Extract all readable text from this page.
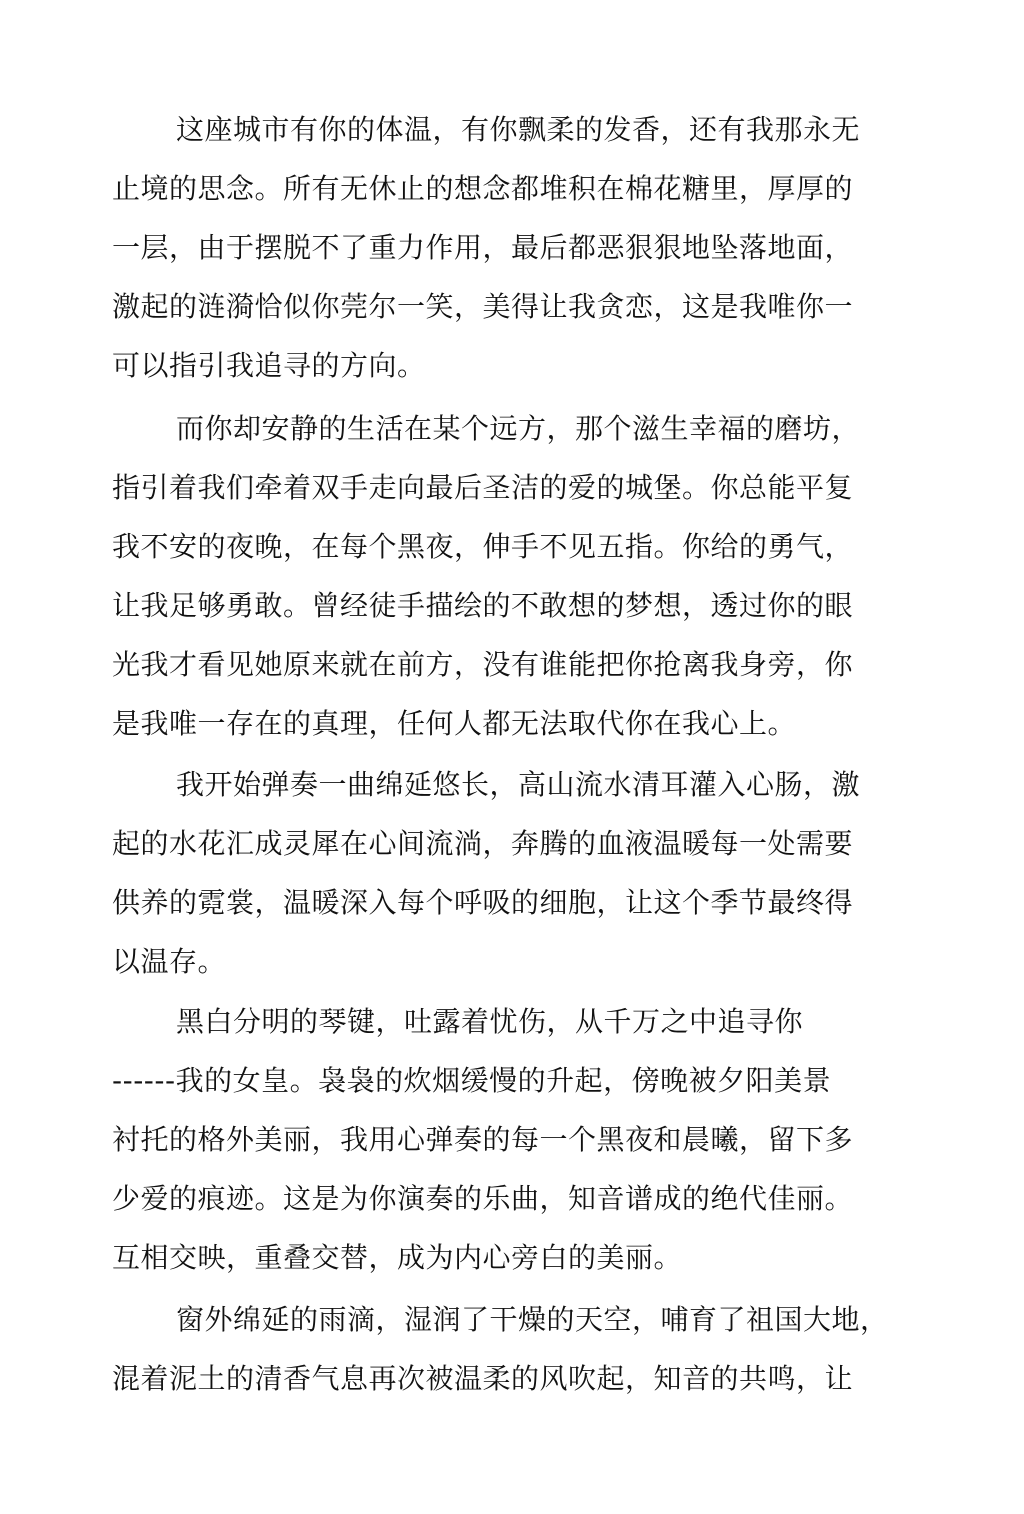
这座城市有你的体温，有你飘柔的发香，还有我那永无
止境的思念。所有无休止的想念都堆积在棉花糖里，厚厚的
一层，由于摆脱不了重力作用，最后都恶狠狠地坠落地面，
激起的涟漪恰似你莞尔一笑，美得让我贪恋，这是我唯你一
可以指引我追寻的方向。
而你却安静的生活在某个远方，那个滋生幸福的磨坊，
指引着我们牵着双手走向最后圣洁的爱的城堡。你总能平复
我不安的夜晚，在每个黑夜，伸手不见五指。你给的勇气，
让我足够勇敢。曾经徒手描绘的不敢想的梦想，透过你的眼
光我才看见她原来就在前方，没有谁能把你抢离我身旁，你
是我唯一存在的真理，任何人都无法取代你在我心上。
我开始弹奏一曲绵延悠长，高山流水清耳灌入心肠，激
起的水花汇成灵犀在心间流淌，奔腾的血液温暖每一处需要
供养的霓裳，温暖深入每个呼吸的细胞，让这个季节最终得
以温存。
黑白分明的琴键，吐露着忧伤，从千万之中追寻你
------我的女皇。袅袅的炊烟缓慢的升起，傍晚被夕阳美景
衬托的格外美丽，我用心弹奏的每一个黑夜和晨曦，留下多
少爱的痕迹。这是为你演奏的乐曲，知音谱成的绝代佳丽。
互相交映，重叠交替，成为内心旁白的美丽。
窗外绵延的雨滴，湿润了干燥的天空，哺育了祖国大地，
混着泥土的清香气息再次被温柔的风吹起，知音的共鸣，让
